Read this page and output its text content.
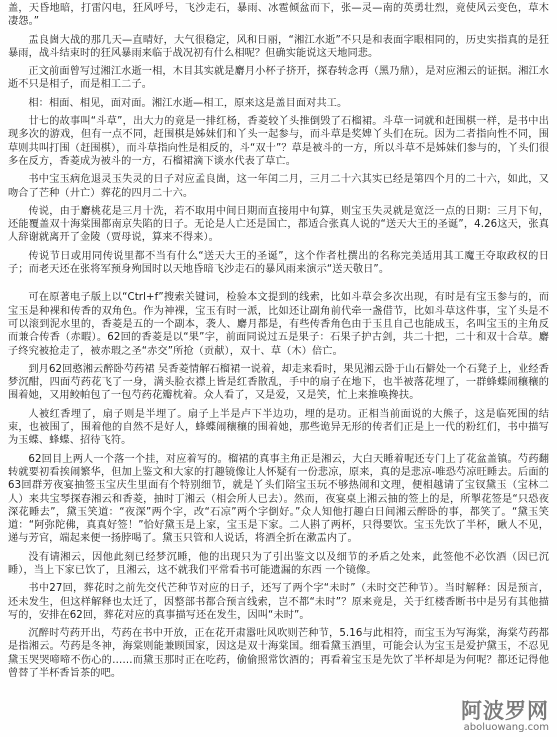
盖，天昏地暗，打雷闪电，狂风呼号，飞沙走石，暴雨、冰雹倾盆而下，张—灵—南的英勇壮烈，竟使风云变色，草木凄怨。”

盂良崮大战的那几天—直晴好，大气很稳定，风和日丽，“湘江水逝”不只是和表面字眼相同的，历史实指真的是狂暴雨，战斗结束时的狂风暴雨来临于战况初有什么相呢？但确实能说这天地同悲。

正文前面曾写过湘江水逝一相，木目其实就是麝月小杯子挤开，探春转念再（黑乃鼎），是对应湘云的证据。湘江水逝不只是相子，而是相工二子。

相：相面、相见，面对面。湘江水逝—相工，原来这是盖目面对共工。

廿七的故事叫“斗草”，出大力的竟是一排红杨，香菱较丫头推倒毁了石榴裙。斗草一词就和赶围棋一样，是书中出现多次的游戏，但有一点不同，赶围棋是姊妹们和丫头一起参与，而斗草是奖婢丫头们在玩。因为二者指向性不同，围草则共叫打围（赶围棋），而斗草指向性是相反的，斗“双十”？草是被斗的一方，所以斗草不是姊妹们参与的，丫头们很多在反方，香菱成为被斗的一方，石榴裙滴下谈水代表了草亡。

书中宝玉病危退灵玉失灵的日子对应孟良崮，这一年闰二月，三月二十六其实已经是第四个月的二十六，如此，又吻合了芒种（廾亡）葬花的四月二十六。

传说，由于麝桃花是三月十洗，若不取用中间日期而直接用中旬算，则宝玉失灵就是宽泛一点的日期：三月下旬，还能覆盖双十海棠围都南京失陷的日子。无论是人亡还是国亡，都适合张真人说的“送天大王的圣诞”，4.26这天，张真人辞谢就离开了金陵（贾母说，算来不得来）。

传说节日或用同传说里都不当有什么“送天大王的圣诞”，这个作者杜撰出的名称完美适用其工魔王夺取政权的日子；而老天还在张将军预身殉国时以天地昏暗飞沙走石的暴风雨来演示“送天敬日”。

可在原著电子版上以“Ctrl+f”搜索关键词，检验本文提到的线索，比如斗草会多次出现，有时是有宝玉参与的，而宝玉是种裸和传香的双角色。作为神裸，宝玉有时一派，比如还让副角前代牵一盏借节，比如斗草这件事，宝丫头是不可以滚到泥水里的，香菱是五的一个副本，袭人、麝月都是，有些传香角色由于玉且自己也能成玉，名叫宝玉的主角反而兼合传香（赤暇）。62回的香菱是以“果”字，前面同说过五是果子：石果子护古剑，共二十把，二十和双十合草。麝子终究被抢走了，被赤瑕之圣“赤交”所抢（贡献），双十、草（木）倍亡。

到月62回憨湘云醉卧芍药裙 吴香菱情解石榴裙一说着，却走来看时，果见湘云卧于山石僻处一个石凳子上，业经香梦沉酣，四面芍药花飞了一身，满头脸衣襟上皆是红香散乱，手中的扇子在地下，也半被落花埋了，一群蜂蝶闹穰穰的围着她，又用鲛帕包了一包芍药花瓣枕着。众人看了，又是爱，又是笑，忙上来推唤搀扶。

人被红香埋了，扇子则是半埋了。扇子上半是卢下半边功，埋的是功。正相当前面说的大熊子，这是临死围的结束，也被围了，围着他的自然不是好人，蜂蝶闹穰穰的围着她，那些诡异无形的传者们正是上一代的粉红们，书中描写为玉蝶、蜂蝶、招待飞符。

62回目上两人一个落一个挂，对应着写的。榴裙的真事主角正是湘云，大白天睡着呢还专门上了花盆盖镇。芍药翻转就要初看挨闹繁华，但加上鉴文和大家的打趣镜像让人怀疑有一份悲凉，原来，真的是悲凉-唯恐芍凉旺睡去。后面的63回群芳夜宴抽签玉宝庆生里面有个特别细节，就是丫头们陪宝玉玩不够热闹和文理，便相越请了宝钗黛玉（宝林二人）来共宝琴探春湘云和香菱，抽时丁湘云（相会所人已去）。然而，夜宴桌上湘云抽的签上的是，所掣花签是“只恐夜深花睡去”，黛玉笑道：“夜深”两个字，改“石凉”两个字倒好。”众人知他打趣白日间湘云醉卧的事，都笑了。“黛玉笑道：“阿弥陀佛，真真好签！”恰好黛玉是上家，宝玉是下家。二人斟了两杯，只得要饮。宝玉先饮了半杯，瞅人不见，递与芳官，端起来便一扬脖喝了。黛玉只管和人说话，将酒全折在漱盂内了。

没有请湘云，因他此刻已经梦沉睡，他的出现只为了引出鉴文以及细节的矛盾之处来，此签他不必饮酒（因已沉睡），当上下家已饮了，且湘云，这不就我们平常看书可能遗漏的东西 一个镜像。

书中27回，葬花时之前先交代芒种节对应的日子，还写了两个字“未时”（未时交芒种节）。当时解释：因是预言，还未发生，但这样解释也太迁了，因整部书都合预言线索，岂不都“未时”？原来竟是，关于红楼香断书中是另有其他描写的，安排在62回，葬花对应的真事描写还在发生，因叫“未时”。

沉醉时芍药开出，芍药在书中开放，正在花开肃嚣吐风吹则芒种节，5.16与此相符，而宝玉为写海棠，海棠芍药都是指湘云。芍药是冬神，海棠则能兼顾国家，因这是双十海棠国。细看黛玉酒里，可能会认为宝玉是爱护黛玉，不忍见黛玉哭哭啼啼不伤心的……而黛玉那时正在吃药，偷偷照常饮酒的；再看着宝玉是先饮了半杯却是为何呢？都还记得他曾替了半杯香旨茶的吧。

阿波罗网
aboluowang.com
